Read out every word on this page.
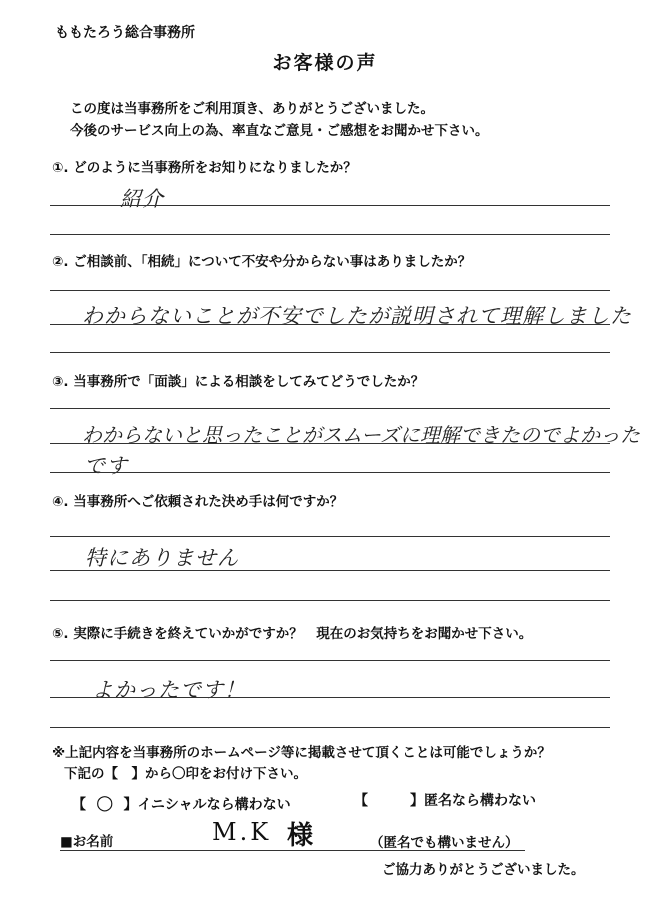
ももたろう総合事務所
お客様の声
この度は当事務所をご利用頂き、ありがとうございました。
今後のサービス向上の為、率直なご意見・ご感想をお聞かせ下さい。
①. どのように当事務所をお知りになりましたか？
紹介
②. ご相談前、「相続」について不安や分からない事はありましたか？
わからないことが不安でしたが説明されて理解しました
③. 当事務所で「面談」による相談をしてみてどうでしたか？
わからないと思ったことがスムーズに理解できたのでよかった
です
④. 当事務所へご依頼された決め手は何ですか？
特にありません
⑤. 実際に手続きを終えていかがですか？　現在のお気持ちをお聞かせ下さい。
よかったです！
※上記内容を当事務所のホームページ等に掲載させて頂くことは可能でしょうか？
下記の【　】から〇印をお付け下さい。
【 ○ 】イニシャルなら構わない	【　　　】匿名なら構わない
■お名前	M.K 様	（匿名でも構いません）
ご協力ありがとうございました。
